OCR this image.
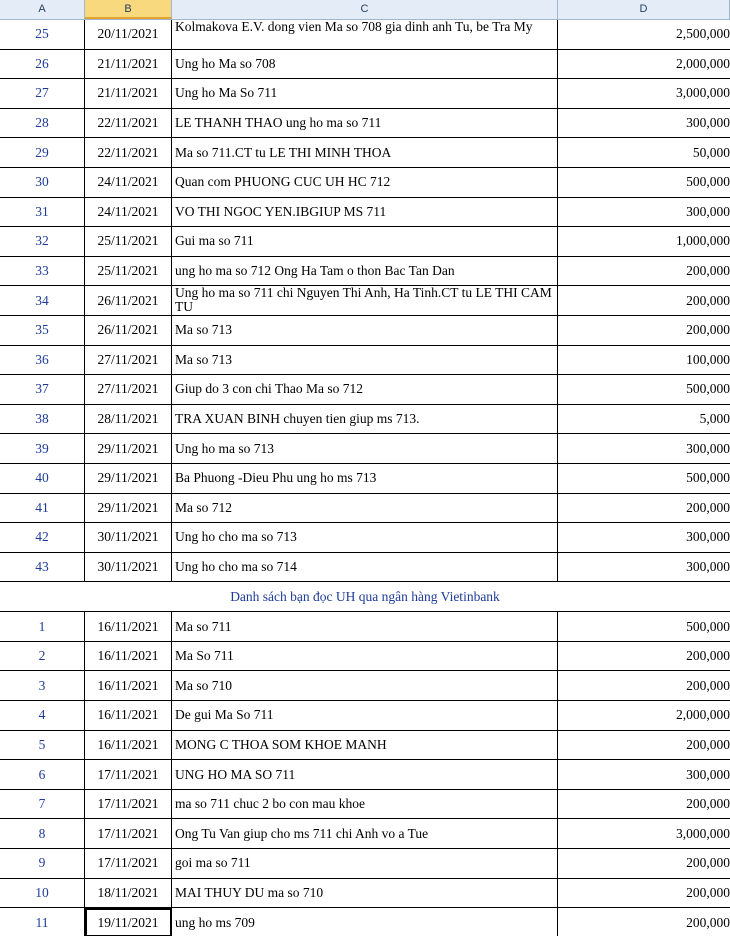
A	B	C	D
25	20/11/2021	Kolmakova E.V. dong vien Ma so 708 gia dinh anh Tu, be Tra My	2,500,000
26	21/11/2021	Ung ho Ma so 708	2,000,000
27	21/11/2021	Ung ho Ma So 711	3,000,000
28	22/11/2021	LE THANH THAO ung ho ma so 711	300,000
29	22/11/2021	Ma so 711.CT tu LE THI MINH THOA	50,000
30	24/11/2021	Quan com PHUONG CUC UH HC 712	500,000
31	24/11/2021	VO THI NGOC YEN.IBGIUP MS 711	300,000
32	25/11/2021	Gui ma so 711	1,000,000
33	25/11/2021	ung ho ma so 712 Ong Ha Tam o thon Bac Tan Dan	200,000
34	26/11/2021	Ung ho ma so 711 chi Nguyen Thi Anh, Ha Tinh.CT tu LE THI CAM TU	200,000
35	26/11/2021	Ma so 713	200,000
36	27/11/2021	Ma so 713	100,000
37	27/11/2021	Giup do 3 con chi Thao Ma so 712	500,000
38	28/11/2021	TRA XUAN BINH chuyen tien giup ms 713.	5,000
39	29/11/2021	Ung ho ma so 713	300,000
40	29/11/2021	Ba Phuong -Dieu Phu ung ho ms 713	500,000
41	29/11/2021	Ma so 712	200,000
42	30/11/2021	Ung ho cho ma so 713	300,000
43	30/11/2021	Ung ho cho ma so 714	300,000
Danh sách bạn đọc UH qua ngân hàng Vietinbank
1	16/11/2021	Ma so 711	500,000
2	16/11/2021	Ma So 711	200,000
3	16/11/2021	Ma so 710	200,000
4	16/11/2021	De gui Ma So 711	2,000,000
5	16/11/2021	MONG C THOA SOM KHOE MANH	200,000
6	17/11/2021	UNG HO MA SO 711	300,000
7	17/11/2021	ma so 711 chuc 2 bo con mau khoe	200,000
8	17/11/2021	Ong Tu Van giup cho ms 711 chi Anh vo a Tue	3,000,000
9	17/11/2021	goi ma so 711	200,000
10	18/11/2021	MAI THUY DU ma so 710	200,000
11	19/11/2021	ung ho ms 709	200,000
